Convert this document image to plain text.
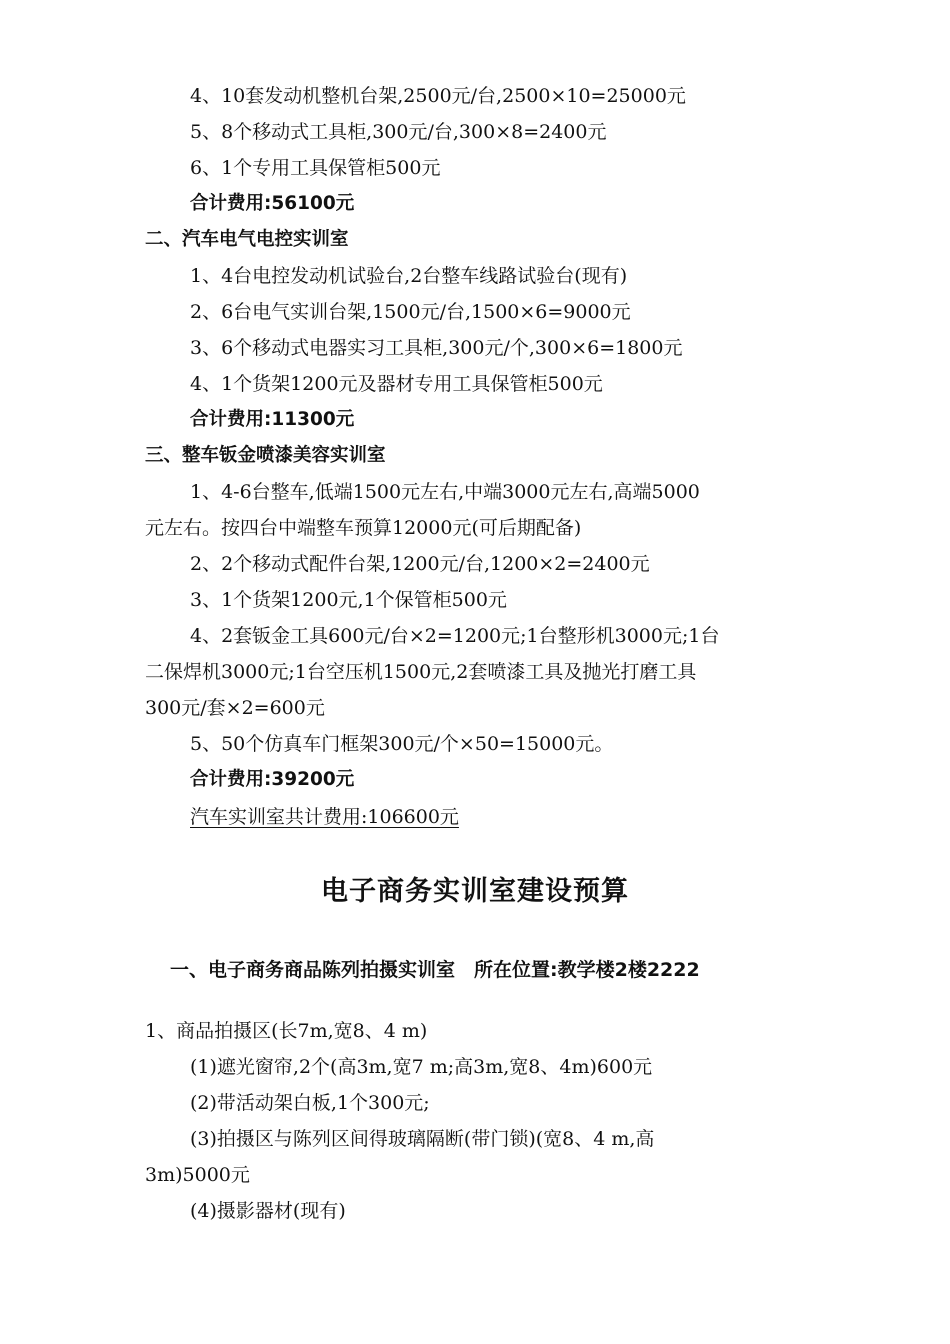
4、10套发动机整机台架,2500元/台,2500×10=25000元
5、8个移动式工具柜,300元/台,300×8=2400元
6、1个专用工具保管柜500元
合计费用:56100元
二、汽车电气电控实训室
1、4台电控发动机试验台,2台整车线路试验台(现有)
2、6台电气实训台架,1500元/台,1500×6=9000元
3、6个移动式电器实习工具柜,300元/个,300×6=1800元
4、1个货架1200元及器材专用工具保管柜500元
合计费用:11300元
三、整车钣金喷漆美容实训室
1、4-6台整车,低端1500元左右,中端3000元左右,高端5000
元左右。按四台中端整车预算12000元(可后期配备)
2、2个移动式配件台架,1200元/台,1200×2=2400元
3、1个货架1200元,1个保管柜500元
4、2套钣金工具600元/台×2=1200元;1台整形机3000元;1台
二保焊机3000元;1台空压机1500元,2套喷漆工具及抛光打磨工具
300元/套×2=600元
5、50个仿真车门框架300元/个×50=15000元。
合计费用:39200元
汽车实训室共计费用:106600元
电子商务实训室建设预算
一、电子商务商品陈列拍摄实训室　所在位置:教学楼2楼2222
1、商品拍摄区(长7m,宽8、4 m)
(1)遮光窗帘,2个(高3m,宽7 m;高3m,宽8、4m)600元
(2)带活动架白板,1个300元;
(3)拍摄区与陈列区间得玻璃隔断(带门锁)(宽8、4 m,高
3m)5000元
(4)摄影器材(现有)
